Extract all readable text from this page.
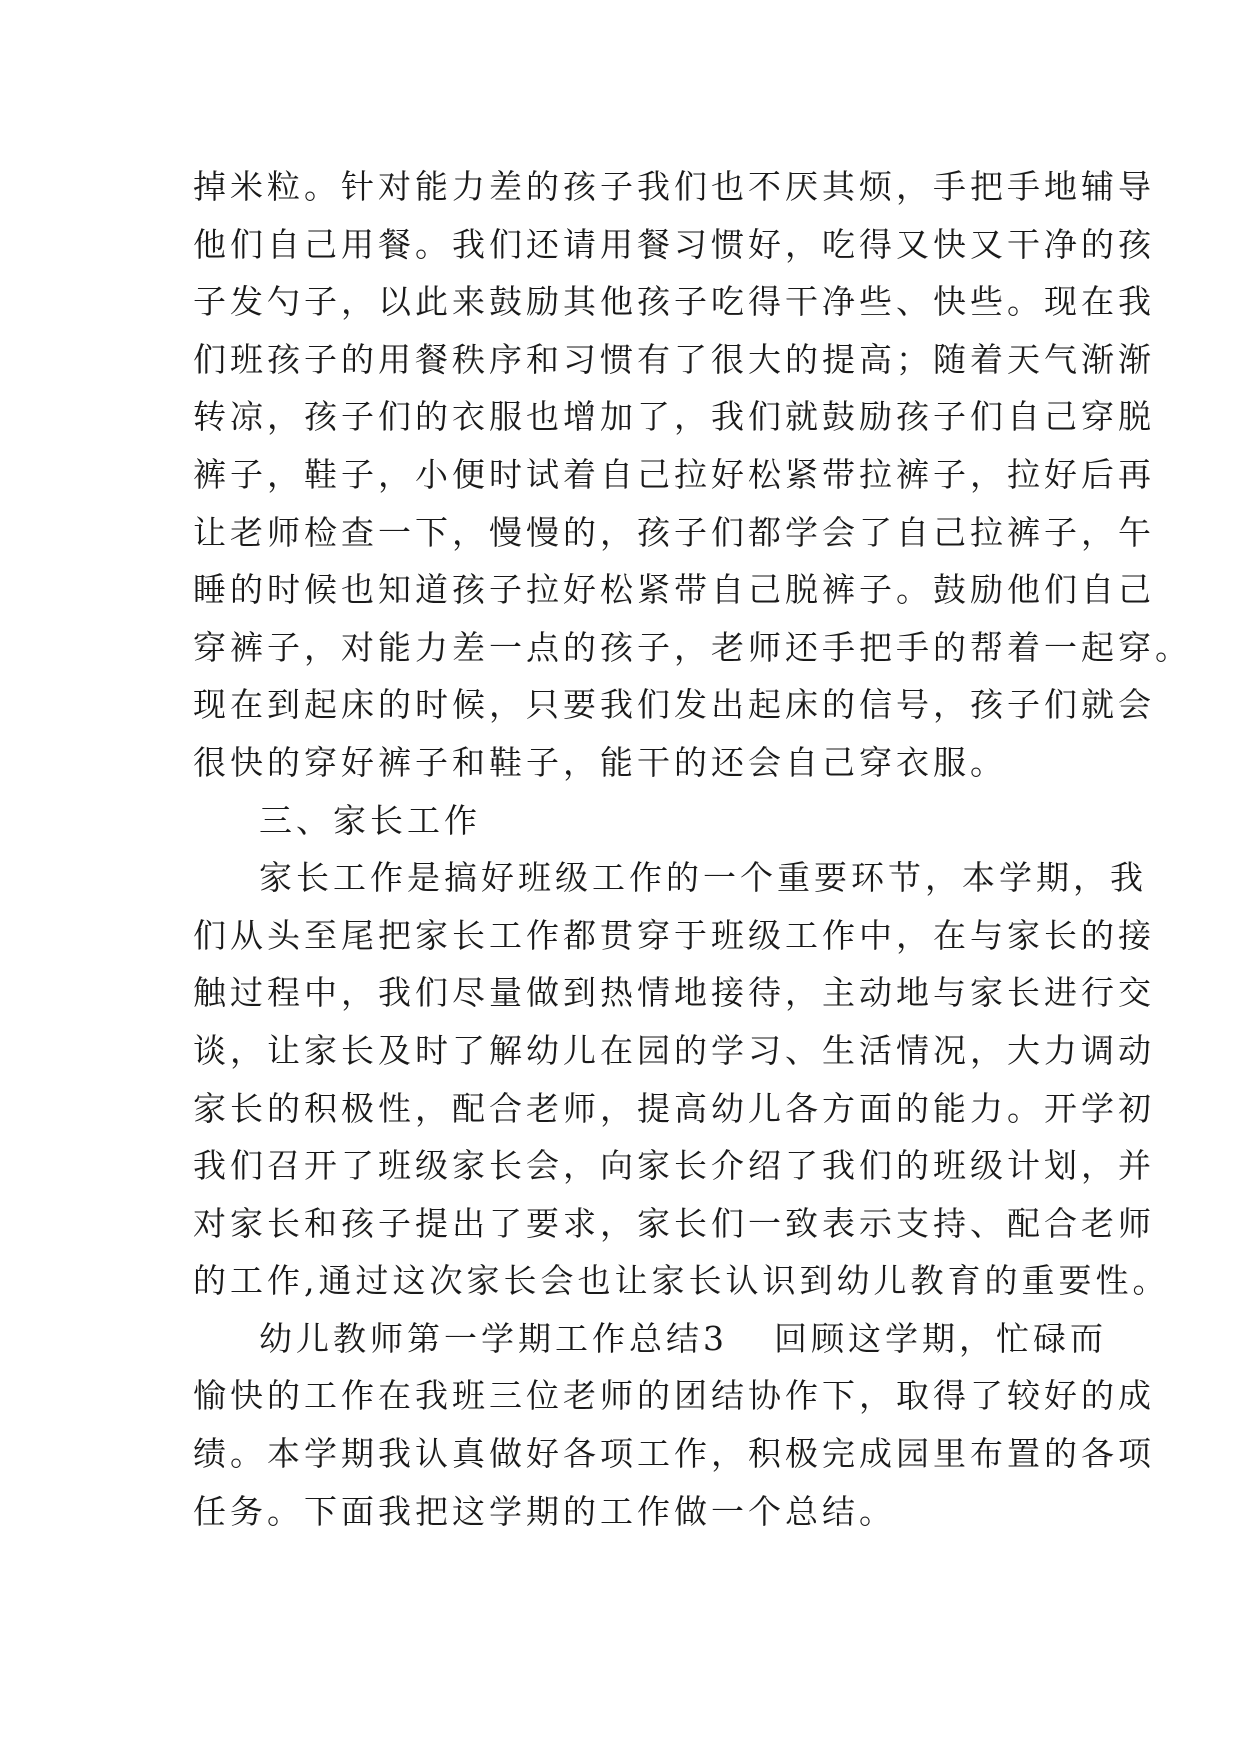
掉米粒。针对能力差的孩子我们也不厌其烦，手把手地辅导
他们自己用餐。我们还请用餐习惯好，吃得又快又干净的孩
子发勺子，以此来鼓励其他孩子吃得干净些、快些。现在我
们班孩子的用餐秩序和习惯有了很大的提高；随着天气渐渐
转凉，孩子们的衣服也增加了，我们就鼓励孩子们自己穿脱
裤子，鞋子，小便时试着自己拉好松紧带拉裤子，拉好后再
让老师检查一下，慢慢的，孩子们都学会了自己拉裤子，午
睡的时候也知道孩子拉好松紧带自己脱裤子。鼓励他们自己
穿裤子，对能力差一点的孩子，老师还手把手的帮着一起穿。
现在到起床的时候，只要我们发出起床的信号，孩子们就会
很快的穿好裤子和鞋子，能干的还会自己穿衣服。
三、家长工作
家长工作是搞好班级工作的一个重要环节，本学期，我
们从头至尾把家长工作都贯穿于班级工作中，在与家长的接
触过程中，我们尽量做到热情地接待，主动地与家长进行交
谈，让家长及时了解幼儿在园的学习、生活情况，大力调动
家长的积极性，配合老师，提高幼儿各方面的能力。开学初
我们召开了班级家长会，向家长介绍了我们的班级计划，并
对家长和孩子提出了要求，家长们一致表示支持、配合老师
的工作,通过这次家长会也让家长认识到幼儿教育的重要性。
幼儿教师第一学期工作总结3 回顾这学期，忙碌而
愉快的工作在我班三位老师的团结协作下，取得了较好的成
绩。本学期我认真做好各项工作，积极完成园里布置的各项
任务。下面我把这学期的工作做一个总结。
